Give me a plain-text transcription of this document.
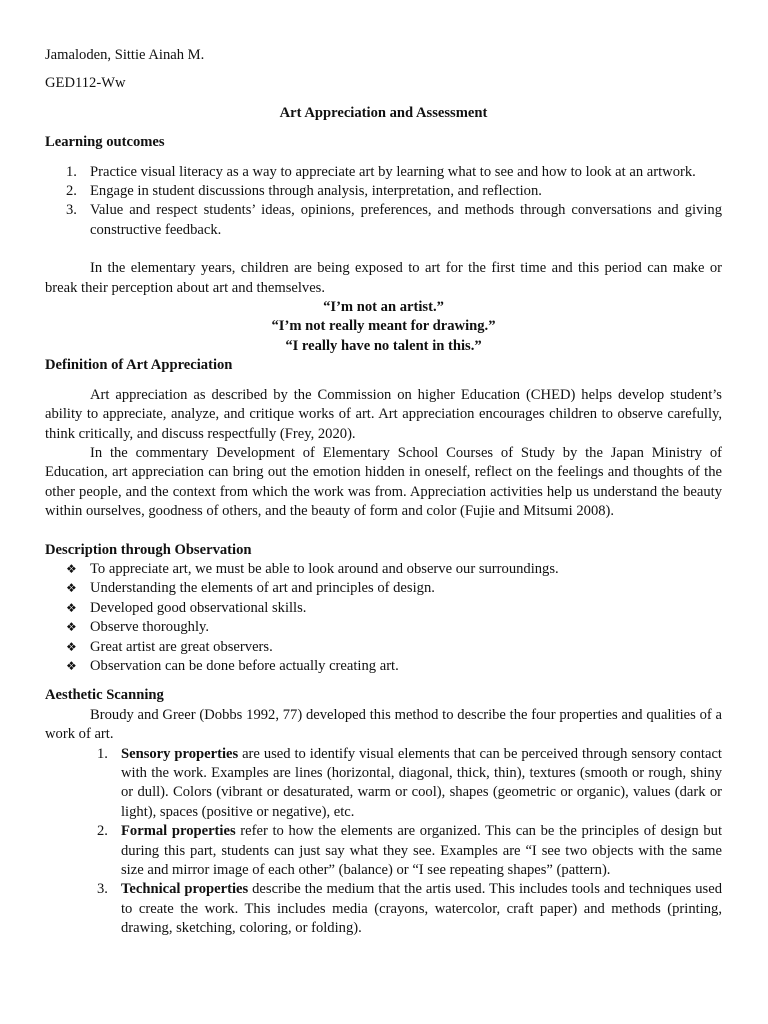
Jamaloden, Sittie Ainah M.

GED112-Ww

Art Appreciation and Assessment

Learning outcomes

1. Practice visual literacy as a way to appreciate art by learning what to see and how to look at an artwork.
2. Engage in student discussions through analysis, interpretation, and reflection.
3. Value and respect students’ ideas, opinions, preferences, and methods through conversations and giving constructive feedback.

In the elementary years, children are being exposed to art for the first time and this period can make or break their perception about art and themselves.

“I’m not an artist.”

“I’m not really meant for drawing.”

“I really have no talent in this.”

Definition of Art Appreciation

Art appreciation as described by the Commission on higher Education (CHED) helps develop student’s ability to appreciate, analyze, and critique works of art. Art appreciation encourages children to observe carefully, think critically, and discuss respectfully (Frey, 2020).

In the commentary Development of Elementary School Courses of Study by the Japan Ministry of Education, art appreciation can bring out the emotion hidden in oneself, reflect on the feelings and thoughts of the other people, and the context from which the work was from. Appreciation activities help us understand the beauty within ourselves, goodness of others, and the beauty of form and color (Fujie and Mitsumi 2008).

Description through Observation

❖ To appreciate art, we must be able to look around and observe our surroundings.
❖ Understanding the elements of art and principles of design.
❖ Developed good observational skills.
❖ Observe thoroughly.
❖ Great artist are great observers.
❖ Observation can be done before actually creating art.

Aesthetic Scanning

Broudy and Greer (Dobbs 1992, 77) developed this method to describe the four properties and qualities of a work of art.

1. Sensory properties are used to identify visual elements that can be perceived through sensory contact with the work. Examples are lines (horizontal, diagonal, thick, thin), textures (smooth or rough, shiny or dull). Colors (vibrant or desaturated, warm or cool), shapes (geometric or organic), values (dark or light), spaces (positive or negative), etc.
2. Formal properties refer to how the elements are organized. This can be the principles of design but during this part, students can just say what they see. Examples are “I see two objects with the same size and mirror image of each other” (balance) or “I see repeating shapes” (pattern).
3. Technical properties describe the medium that the artis used. This includes tools and techniques used to create the work. This includes media (crayons, watercolor, craft paper) and methods (printing, drawing, sketching, coloring, or folding).
